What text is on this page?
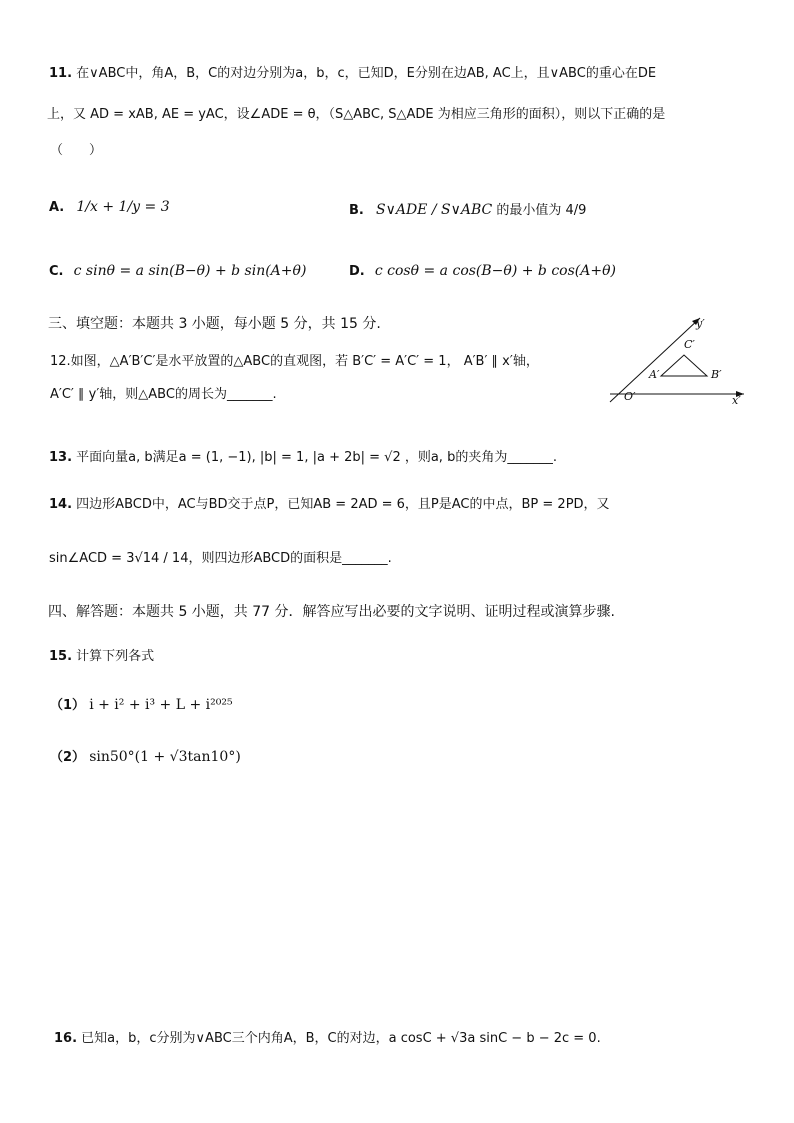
11. 在∨ABC中，角A，B，C的对边分别为a，b，c，已知D，E分别在边AB, AC上，且∨ABC的重心在DE
上，又 AD = xAB, AE = yAC，设∠ADE = θ，（S△ABC, S△ADE 为相应三角形的面积），则以下正确的是
（　　）
A. 1/x + 1/y = 3	B. S∨ADE / S∨ABC 的最小值为 4/9
C. c sinθ = a sin(B−θ) + b sin(A+θ)	D. c cosθ = a cos(B−θ) + b cos(A+θ)
三、填空题：本题共 3 小题，每小题 5 分，共 15 分.
12.如图，△A′B′C′是水平放置的△ABC的直观图，若 B′C′ = A′C′ = 1， A′B′ ∥ x′轴，
A′C′ ∥ y′轴，则△ABC的周长为_______.
y′
C′
A′	B′
O′	x′
13. 平面向量a, b满足a = (1, −1), |b| = 1, |a + 2b| = √2 ，则a, b的夹角为_______.
14. 四边形ABCD中，AC与BD交于点P，已知AB = 2AD = 6，且P是AC的中点，BP = 2PD，又
sin∠ACD = 3√14 / 14，则四边形ABCD的面积是_______.
四、解答题：本题共 5 小题，共 77 分．解答应写出必要的文字说明、证明过程或演算步骤.
15. 计算下列各式
（1） i + i² + i³ + L + i²⁰²⁵
（2） sin50°(1 + √3tan10°)
16. 已知a，b，c分别为∨ABC三个内角A，B，C的对边，a cosC + √3a sinC − b − 2c = 0.
